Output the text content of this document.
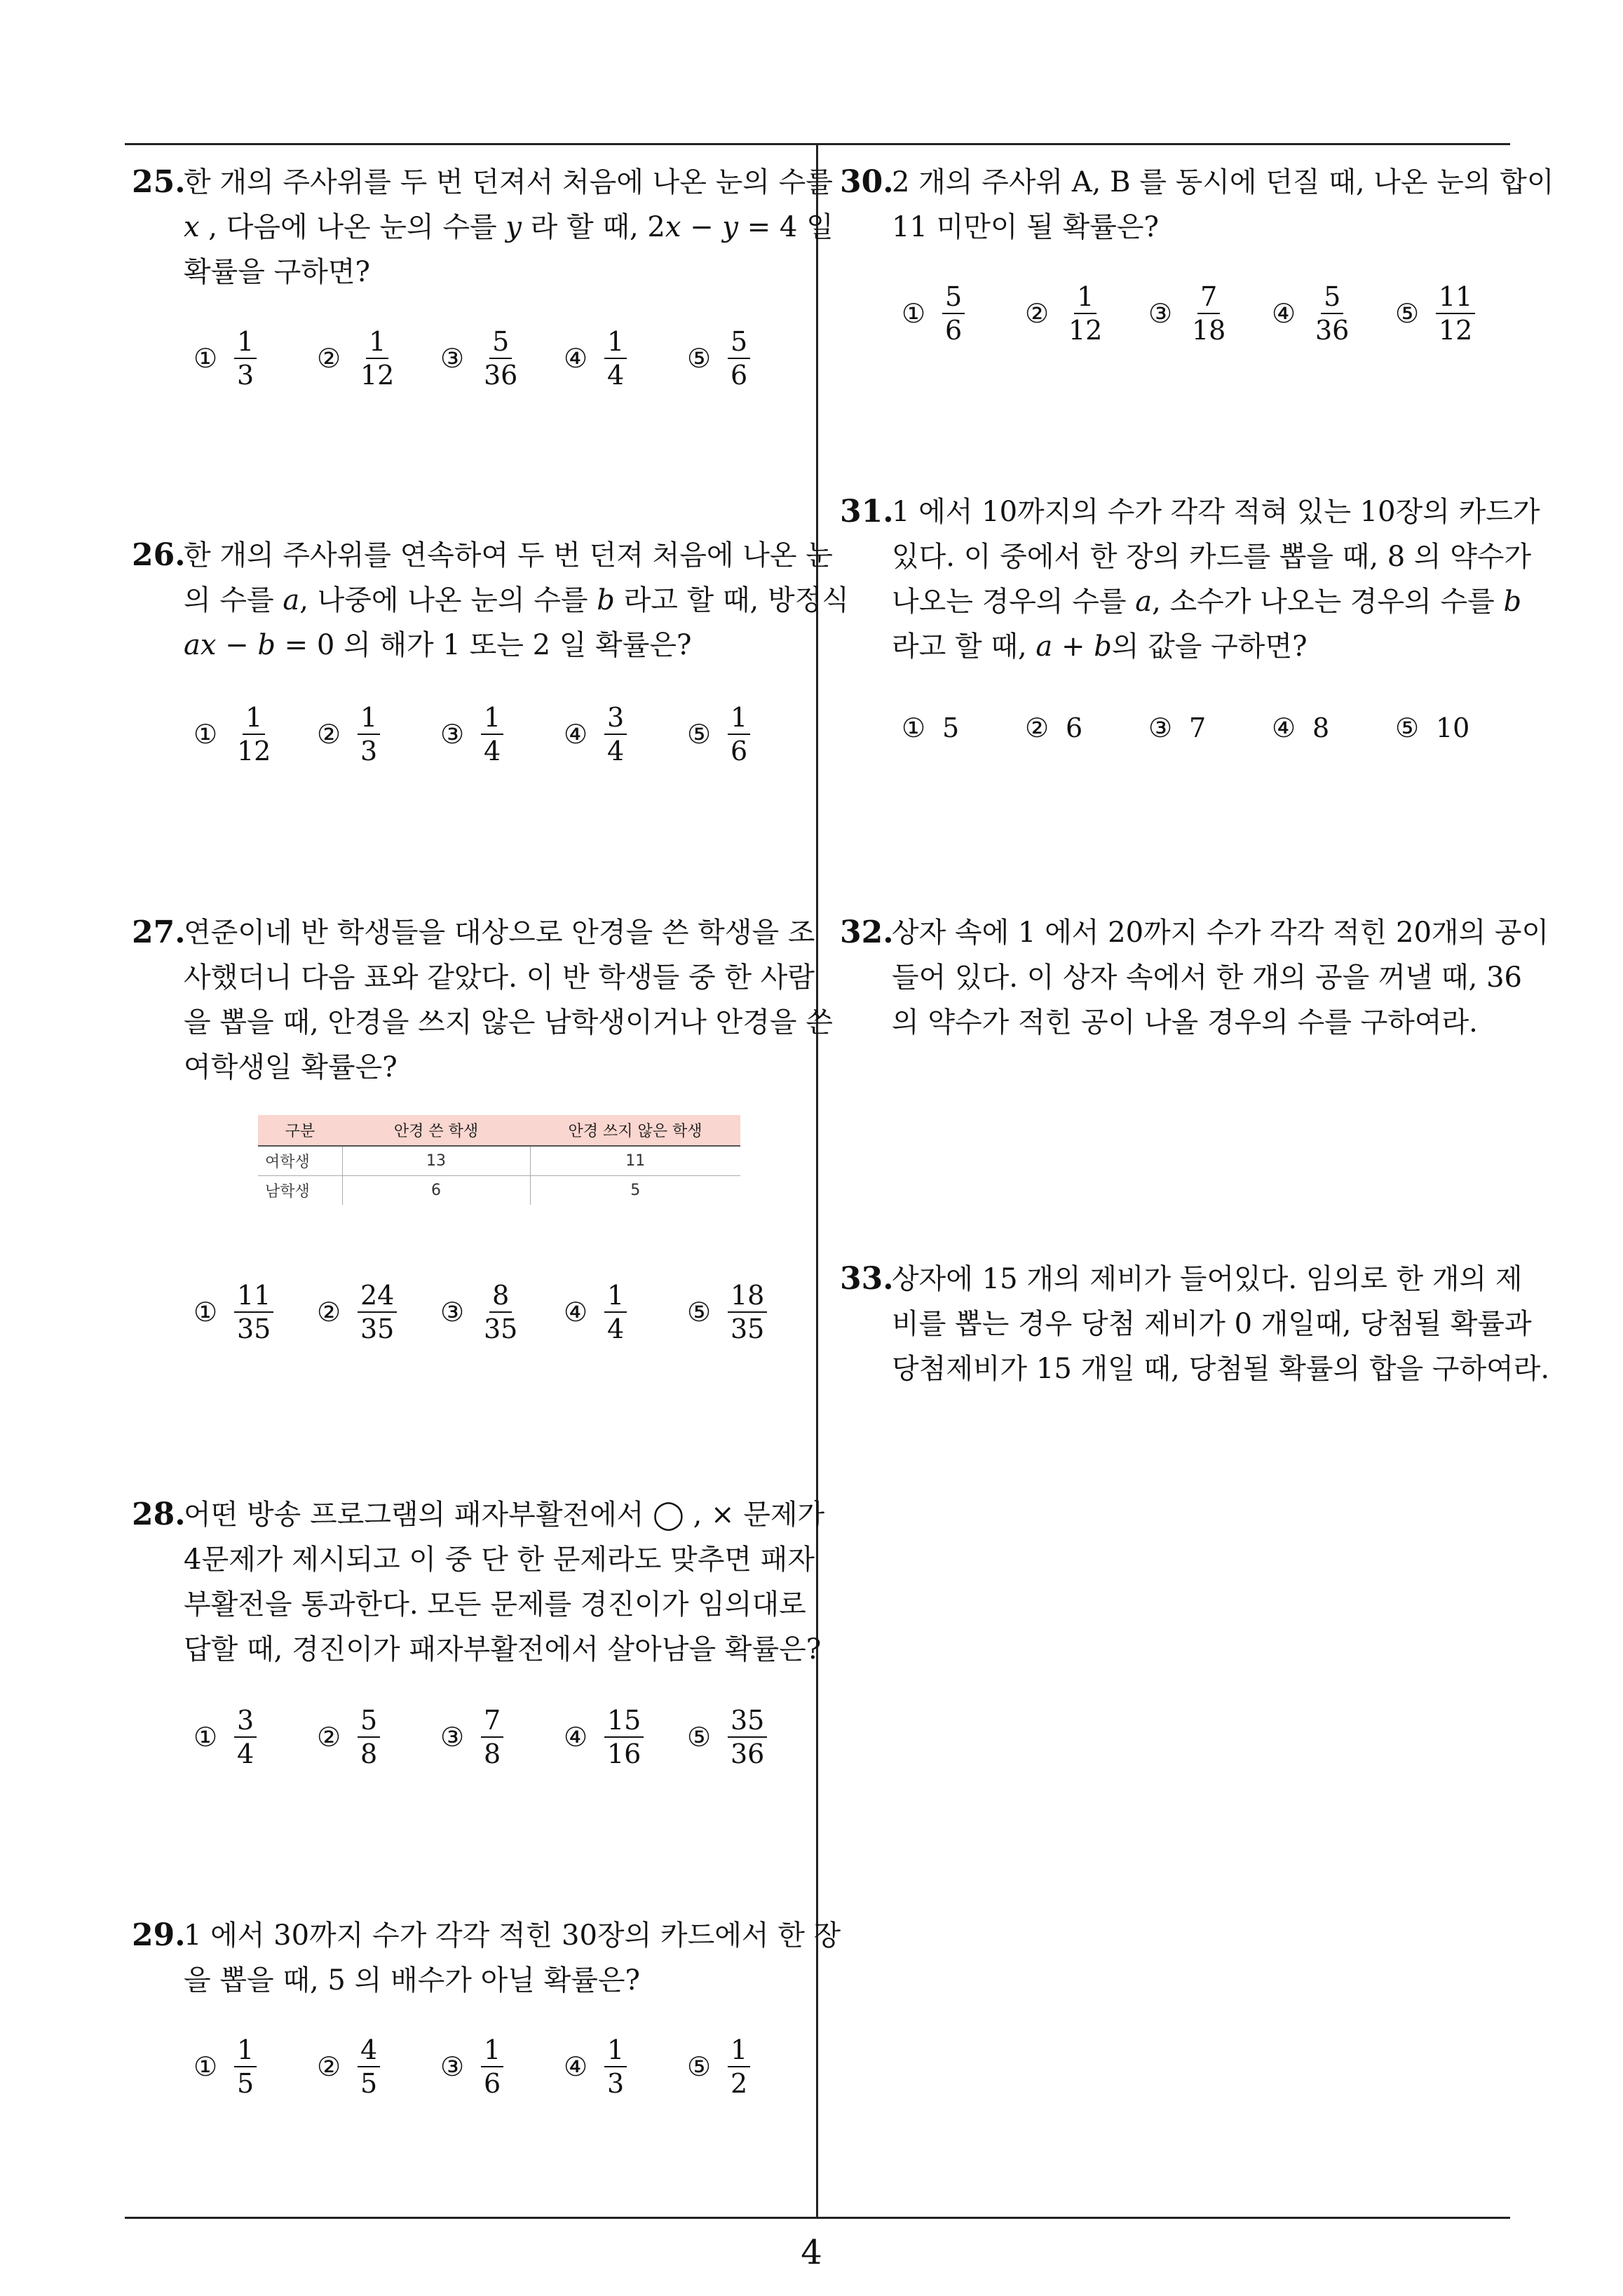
25.
한 개의 주사위를 두 번 던져서 처음에 나온 눈의 수를
𝑥 , 다음에 나온 눈의 수를 𝑦 라 할 때, 2𝑥 − 𝑦 = 4 일
확률을 구하면?
① $\frac{1}{3}$ ② $\frac{1}{12}$ ③ $\frac{5}{36}$ ④ $\frac{1}{4}$ ⑤ $\frac{5}{6}$
26.
한 개의 주사위를 연속하여 두 번 던져 처음에 나온 눈
의 수를 𝑎, 나중에 나온 눈의 수를 𝑏 라고 할 때, 방정식
𝑎𝑥 − 𝑏 = 0 의 해가 1 또는 2 일 확률은?
① $\frac{1}{12}$ ② $\frac{1}{3}$ ③ $\frac{1}{4}$ ④ $\frac{3}{4}$ ⑤ $\frac{1}{6}$
27.
연준이네 반 학생들을 대상으로 안경을 쓴 학생을 조
사했더니 다음 표와 같았다. 이 반 학생들 중 한 사람
을 뽑을 때, 안경을 쓰지 않은 남학생이거나 안경을 쓴
여학생일 확률은?
구분	안경 쓴 학생	안경 쓰지 않은 학생
여학생	13	11
남학생	6	5
① $\frac{11}{35}$ ② $\frac{24}{35}$ ③ $\frac{8}{35}$ ④ $\frac{1}{4}$ ⑤ $\frac{18}{35}$
28.
어떤 방송 프로그램의 패자부활전에서 ◯ , × 문제가
4문제가 제시되고 이 중 단 한 문제라도 맞추면 패자
부활전을 통과한다. 모든 문제를 경진이가 임의대로
답할 때, 경진이가 패자부활전에서 살아남을 확률은?
① $\frac{3}{4}$ ② $\frac{5}{8}$ ③ $\frac{7}{8}$ ④ $\frac{15}{16}$ ⑤ $\frac{35}{36}$
29.
1 에서 30까지 수가 각각 적힌 30장의 카드에서 한 장
을 뽑을 때, 5 의 배수가 아닐 확률은?
① $\frac{1}{5}$ ② $\frac{4}{5}$ ③ $\frac{1}{6}$ ④ $\frac{1}{3}$ ⑤ $\frac{1}{2}$
30.
2 개의 주사위 A, B 를 동시에 던질 때, 나온 눈의 합이
11 미만이 될 확률은?
① $\frac{5}{6}$ ② $\frac{1}{12}$ ③ $\frac{7}{18}$ ④ $\frac{5}{36}$ ⑤ $\frac{11}{12}$
31.
1 에서 10까지의 수가 각각 적혀 있는 10장의 카드가
있다. 이 중에서 한 장의 카드를 뽑을 때, 8 의 약수가
나오는 경우의 수를 𝑎, 소수가 나오는 경우의 수를 𝑏
라고 할 때, 𝑎 + 𝑏의 값을 구하면?
① 5 ② 6 ③ 7 ④ 8 ⑤ 10
32.
상자 속에 1 에서 20까지 수가 각각 적힌 20개의 공이
들어 있다. 이 상자 속에서 한 개의 공을 꺼낼 때, 36
의 약수가 적힌 공이 나올 경우의 수를 구하여라.
33.
상자에 15 개의 제비가 들어있다. 임의로 한 개의 제
비를 뽑는 경우 당첨 제비가 0 개일때, 당첨될 확률과
당첨제비가 15 개일 때, 당첨될 확률의 합을 구하여라.
4
